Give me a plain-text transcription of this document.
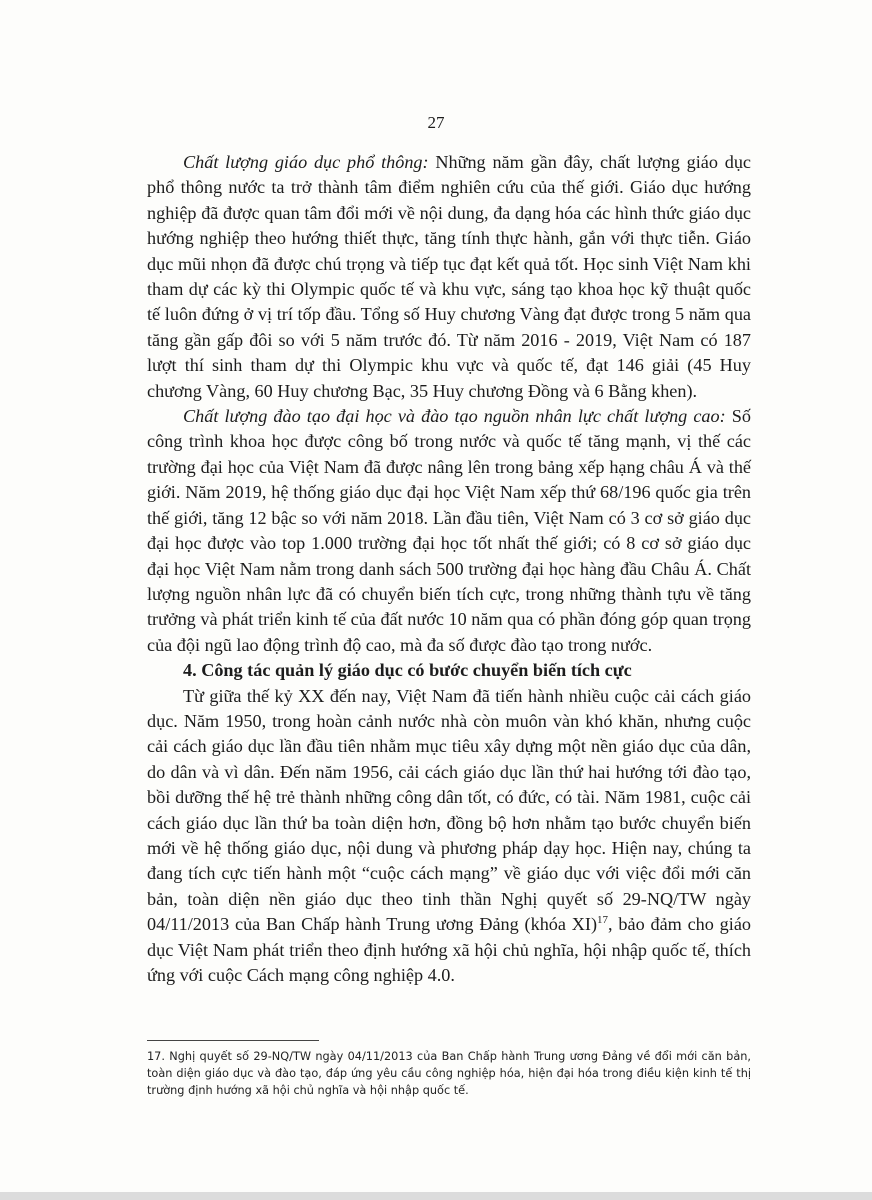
27

Chất lượng giáo dục phổ thông: Những năm gần đây, chất lượng giáo dục phổ thông nước ta trở thành tâm điểm nghiên cứu của thế giới. Giáo dục hướng nghiệp đã được quan tâm đổi mới về nội dung, đa dạng hóa các hình thức giáo dục hướng nghiệp theo hướng thiết thực, tăng tính thực hành, gắn với thực tiễn. Giáo dục mũi nhọn đã được chú trọng và tiếp tục đạt kết quả tốt. Học sinh Việt Nam khi tham dự các kỳ thi Olympic quốc tế và khu vực, sáng tạo khoa học kỹ thuật quốc tế luôn đứng ở vị trí tốp đầu. Tổng số Huy chương Vàng đạt được trong 5 năm qua tăng gần gấp đôi so với 5 năm trước đó. Từ năm 2016 - 2019, Việt Nam có 187 lượt thí sinh tham dự thi Olympic khu vực và quốc tế, đạt 146 giải (45 Huy chương Vàng, 60 Huy chương Bạc, 35 Huy chương Đồng và 6 Bằng khen).

Chất lượng đào tạo đại học và đào tạo nguồn nhân lực chất lượng cao: Số công trình khoa học được công bố trong nước và quốc tế tăng mạnh, vị thế các trường đại học của Việt Nam đã được nâng lên trong bảng xếp hạng châu Á và thế giới. Năm 2019, hệ thống giáo dục đại học Việt Nam xếp thứ 68/196 quốc gia trên thế giới, tăng 12 bậc so với năm 2018. Lần đầu tiên, Việt Nam có 3 cơ sở giáo dục đại học được vào top 1.000 trường đại học tốt nhất thế giới; có 8 cơ sở giáo dục đại học Việt Nam nằm trong danh sách 500 trường đại học hàng đầu Châu Á. Chất lượng nguồn nhân lực đã có chuyển biến tích cực, trong những thành tựu về tăng trưởng và phát triển kinh tế của đất nước 10 năm qua có phần đóng góp quan trọng của đội ngũ lao động trình độ cao, mà đa số được đào tạo trong nước.

4. Công tác quản lý giáo dục có bước chuyển biến tích cực

Từ giữa thế kỷ XX đến nay, Việt Nam đã tiến hành nhiều cuộc cải cách giáo dục. Năm 1950, trong hoàn cảnh nước nhà còn muôn vàn khó khăn, nhưng cuộc cải cách giáo dục lần đầu tiên nhằm mục tiêu xây dựng một nền giáo dục của dân, do dân và vì dân. Đến năm 1956, cải cách giáo dục lần thứ hai hướng tới đào tạo, bồi dưỡng thế hệ trẻ thành những công dân tốt, có đức, có tài. Năm 1981, cuộc cải cách giáo dục lần thứ ba toàn diện hơn, đồng bộ hơn nhằm tạo bước chuyển biến mới về hệ thống giáo dục, nội dung và phương pháp dạy học. Hiện nay, chúng ta đang tích cực tiến hành một “cuộc cách mạng” về giáo dục với việc đổi mới căn bản, toàn diện nền giáo dục theo tinh thần Nghị quyết số 29-NQ/TW ngày 04/11/2013 của Ban Chấp hành Trung ương Đảng (khóa XI)$^{17}$, bảo đảm cho giáo dục Việt Nam phát triển theo định hướng xã hội chủ nghĩa, hội nhập quốc tế, thích ứng với cuộc Cách mạng công nghiệp 4.0.

17. Nghị quyết số 29-NQ/TW ngày 04/11/2013 của Ban Chấp hành Trung ương Đảng về đổi mới căn bản, toàn diện giáo dục và đào tạo, đáp ứng yêu cầu công nghiệp hóa, hiện đại hóa trong điều kiện kinh tế thị trường định hướng xã hội chủ nghĩa và hội nhập quốc tế.
